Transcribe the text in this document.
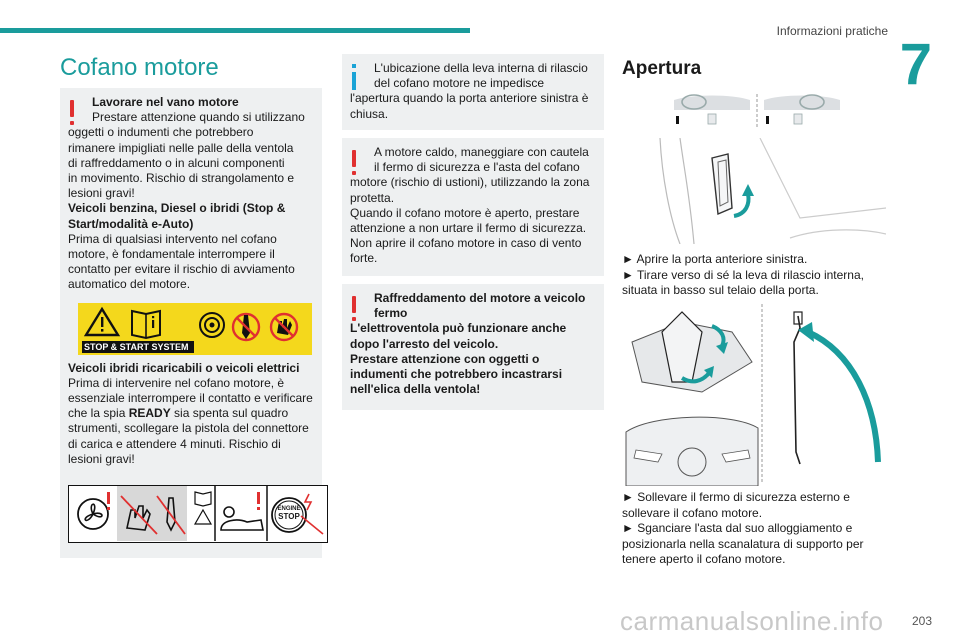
Informazioni pratiche
7
Cofano motore

Lavorare nel vano motore

Prestare attenzione quando si utilizzano

oggetti o indumenti che potrebbero

rimanere impigliati nelle palle della ventola

di raffreddamento o in alcuni componenti

in movimento. Rischio di strangolamento e

lesioni gravi!

Veicoli benzina, Diesel o ibridi (Stop &

Start/modalità e-Auto)

Prima di qualsiasi intervento nel cofano

motore, è fondamentale interrompere il

contatto per evitare il rischio di avviamento

automatico del motore.

STOP & START SYSTEM

Veicoli ibridi ricaricabili o veicoli elettrici

Prima di intervenire nel cofano motore, è

essenziale interrompere il contatto e verificare

che la spia READY sia spenta sul quadro

strumenti, scollegare la pistola del connettore

di carica e attendere 4 minuti. Rischio di

lesioni gravi!

ENGINE
STOP

L'ubicazione della leva interna di rilascio

del cofano motore ne impedisce

l'apertura quando la porta anteriore sinistra è

chiusa.

A motore caldo, maneggiare con cautela

il fermo di sicurezza e l'asta del cofano

motore (rischio di ustioni), utilizzando la zona

protetta.

Quando il cofano motore è aperto, prestare

attenzione a non urtare il fermo di sicurezza.

Non aprire il cofano motore in caso di vento

forte.

Raffreddamento del motore a veicolo

fermo

L'elettroventola può funzionare anche

dopo l'arresto del veicolo.

Prestare attenzione con oggetti o

indumenti che potrebbero incastrarsi

nell'elica della ventola!

Apertura

► Aprire la porta anteriore sinistra.

► Tirare verso di sé la leva di rilascio interna,

situata in basso sul telaio della porta.

► Sollevare il fermo di sicurezza esterno e

sollevare il cofano motore.

► Sganciare l'asta dal suo alloggiamento e

posizionarla nella scanalatura di supporto per

tenere aperto il cofano motore.

carmanualsonline.info 203
